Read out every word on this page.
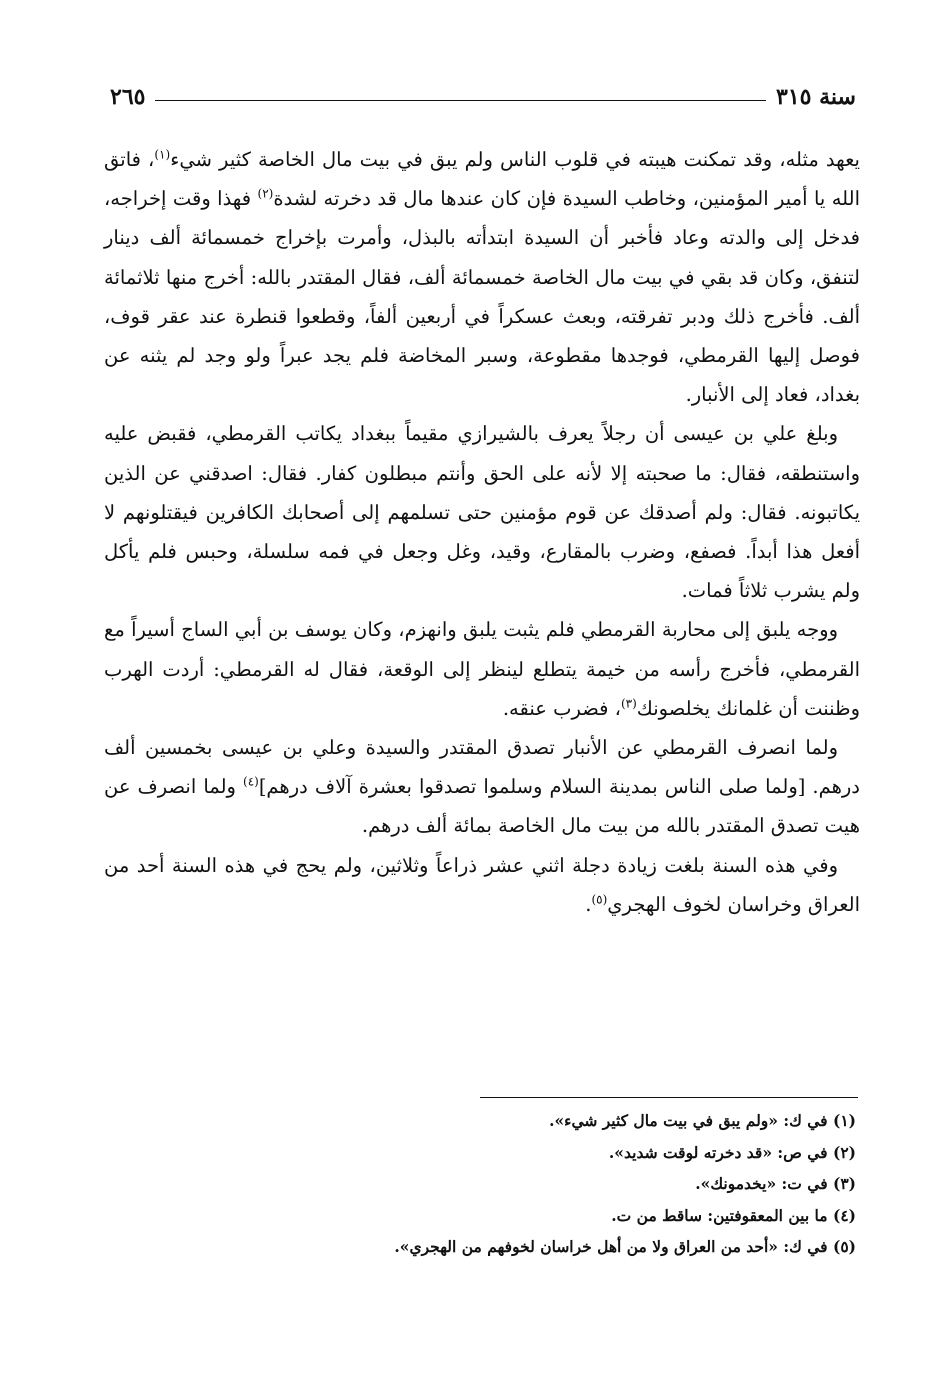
سنة ٣١٥
٢٦٥

يعهد مثله، وقد تمكنت هيبته في قلوب الناس ولم يبق في بيت مال الخاصة كثير شيء$^{(١)}$، فاتق الله يا أمير المؤمنين، وخاطب السيدة فإن كان عندها مال قد دخرته لشدة$^{(٢)}$ فهذا وقت إخراجه، فدخل إلى والدته وعاد فأخبر أن السيدة ابتدأته بالبذل، وأمرت بإخراج خمسمائة ألف دينار لتنفق، وكان قد بقي في بيت مال الخاصة خمسمائة ألف، فقال المقتدر بالله: أخرج منها ثلاثمائة ألف. فأخرج ذلك ودبر تفرقته، وبعث عسكراً في أربعين ألفاً، وقطعوا قنطرة عند عقر قوف، فوصل إليها القرمطي، فوجدها مقطوعة، وسبر المخاضة فلم يجد عبراً ولو وجد لم يثنه عن بغداد، فعاد إلى الأنبار.

وبلغ علي بن عيسى أن رجلاً يعرف بالشيرازي مقيماً ببغداد يكاتب القرمطي، فقبض عليه واستنطقه، فقال: ما صحبته إلا لأنه على الحق وأنتم مبطلون كفار. فقال: اصدقني عن الذين يكاتبونه. فقال: ولم أصدقك عن قوم مؤمنين حتى تسلمهم إلى أصحابك الكافرين فيقتلونهم لا أفعل هذا أبداً. فصفع، وضرب بالمقارع، وقيد، وغل وجعل في فمه سلسلة، وحبس فلم يأكل ولم يشرب ثلاثاً فمات.

ووجه يلبق إلى محاربة القرمطي فلم يثبت يلبق وانهزم، وكان يوسف بن أبي الساج أسيراً مع القرمطي، فأخرج رأسه من خيمة يتطلع لينظر إلى الوقعة، فقال له القرمطي: أردت الهرب وظننت أن غلمانك يخلصونك$^{(٣)}$، فضرب عنقه.

ولما انصرف القرمطي عن الأنبار تصدق المقتدر والسيدة وعلي بن عيسى بخمسين ألف درهم. [ولما صلى الناس بمدينة السلام وسلموا تصدقوا بعشرة آلاف درهم]$^{(٤)}$ ولما انصرف عن هيت تصدق المقتدر بالله من بيت مال الخاصة بمائة ألف درهم.

وفي هذه السنة بلغت زيادة دجلة اثني عشر ذراعاً وثلاثين، ولم يحج في هذه السنة أحد من العراق وخراسان لخوف الهجري$^{(٥)}$.

(١) في ك: «ولم يبق في بيت مال كثير شيء».
(٢) في ص: «قد دخرته لوقت شديد».
(٣) في ت: «يخدمونك».
(٤) ما بين المعقوفتين: ساقط من ت.
(٥) في ك: «أحد من العراق ولا من أهل خراسان لخوفهم من الهجري».
